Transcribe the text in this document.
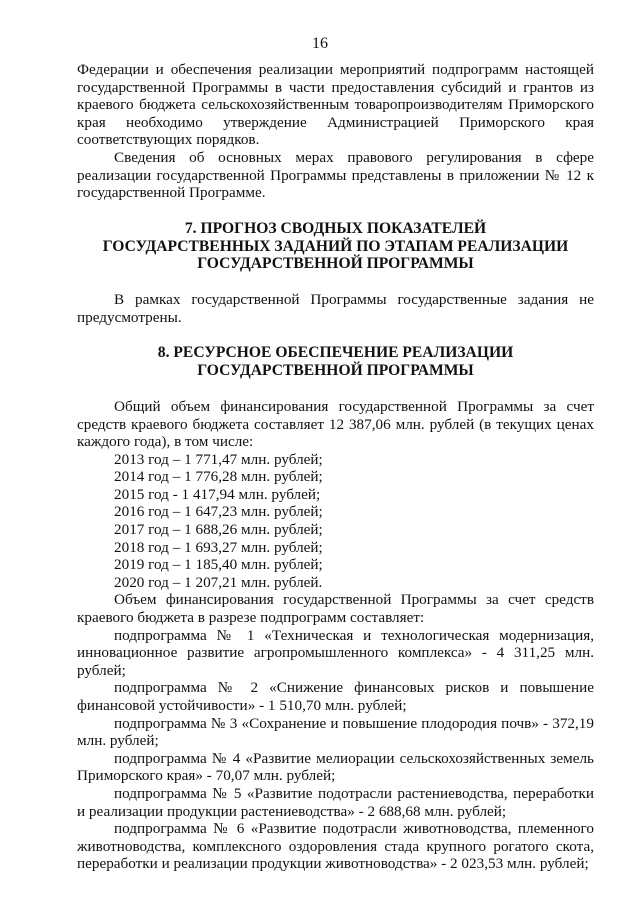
16

Федерации и обеспечения реализации мероприятий подпрограмм настоящей государственной Программы в части предоставления субсидий и грантов из краевого бюджета сельскохозяйственным товаропроизводителям Приморского края необходимо утверждение Администрацией Приморского края соответствующих порядков.

Сведения об основных мерах правового регулирования в сфере реализации государственной Программы представлены в приложении № 12 к государственной Программе.

7. ПРОГНОЗ СВОДНЫХ ПОКАЗАТЕЛЕЙ
ГОСУДАРСТВЕННЫХ ЗАДАНИЙ ПО ЭТАПАМ РЕАЛИЗАЦИИ
ГОСУДАРСТВЕННОЙ ПРОГРАММЫ

В рамках государственной Программы государственные задания не предусмотрены.

8. РЕСУРСНОЕ ОБЕСПЕЧЕНИЕ РЕАЛИЗАЦИИ
ГОСУДАРСТВЕННОЙ ПРОГРАММЫ

Общий объем финансирования государственной Программы за счет средств краевого бюджета составляет 12 387,06 млн. рублей (в текущих ценах каждого года), в том числе:

2013 год – 1 771,47 млн. рублей;

2014 год – 1 776,28 млн. рублей;

2015 год - 1 417,94 млн. рублей;

2016 год – 1 647,23 млн. рублей;

2017 год – 1 688,26 млн. рублей;

2018 год – 1 693,27 млн. рублей;

2019 год – 1 185,40 млн. рублей;

2020 год – 1 207,21 млн. рублей.

Объем финансирования государственной Программы за счет средств краевого бюджета в разрезе подпрограмм составляет:

подпрограмма № 1 «Техническая и технологическая модернизация, инновационное развитие агропромышленного комплекса» - 4 311,25 млн. рублей;

подпрограмма № 2 «Снижение финансовых рисков и повышение финансовой устойчивости» - 1 510,70 млн. рублей;

подпрограмма № 3 «Сохранение и повышение плодородия почв» - 372,19 млн. рублей;

подпрограмма № 4 «Развитие мелиорации сельскохозяйственных земель Приморского края» - 70,07 млн. рублей;

подпрограмма № 5 «Развитие подотрасли растениеводства, переработки и реализации продукции растениеводства» - 2 688,68 млн. рублей;

подпрограмма № 6 «Развитие подотрасли животноводства, племенного животноводства, комплексного оздоровления стада крупного рогатого скота, переработки и реализации продукции животноводства» - 2 023,53 млн. рублей;
